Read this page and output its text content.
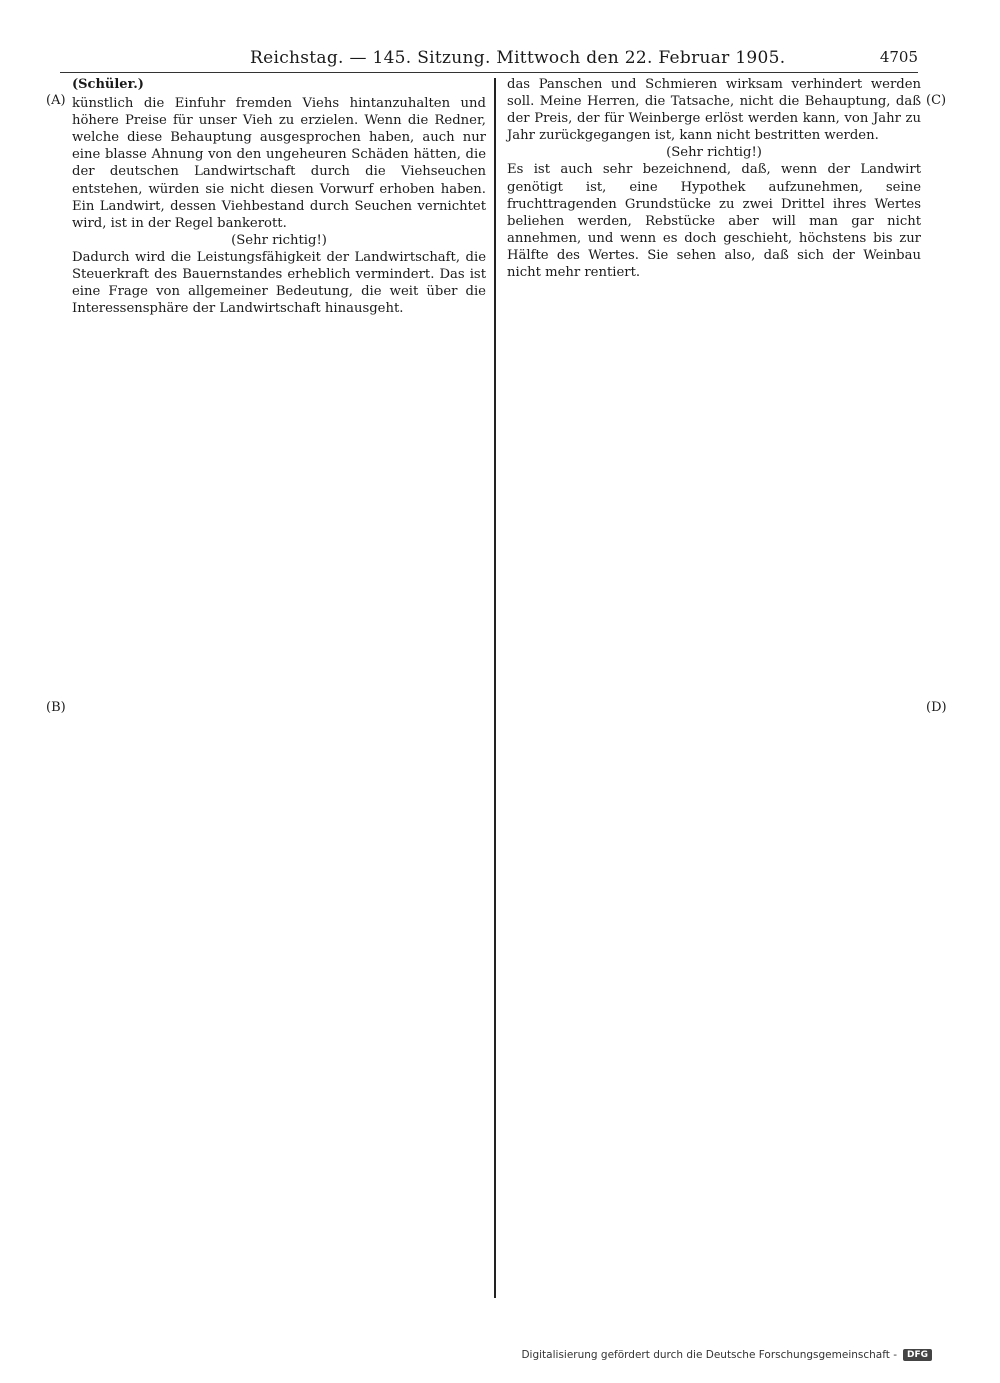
Reichstag. — 145. Sitzung. Mittwoch den 22. Februar 1905.	4705
(A)
(B)
(C)
(D)

(Schüler.)

künstlich die Einfuhr fremden Viehs hintanzuhalten und höhere Preise für unser Vieh zu erzielen. Wenn die Redner, welche diese Behauptung ausgesprochen haben, auch nur eine blasse Ahnung von den ungeheuren Schäden hätten, die der deutschen Landwirtschaft durch die Viehseuchen entstehen, würden sie nicht diesen Vorwurf erhoben haben. Ein Landwirt, dessen Viehbestand durch Seuchen vernichtet wird, ist in der Regel bankerott.

(Sehr richtig!)

Dadurch wird die Leistungsfähigkeit der Landwirtschaft, die Steuerkraft des Bauernstandes erheblich vermindert. Das ist eine Frage von allgemeiner Bedeutung, die weit über die Interessensphäre der Landwirtschaft hinausgeht.

das Panschen und Schmieren wirksam verhindert werden soll. Meine Herren, die Tatsache, nicht die Behauptung, daß der Preis, der für Weinberge erlöst werden kann, von Jahr zu Jahr zurückgegangen ist, kann nicht bestritten werden.

(Sehr richtig!)

Es ist auch sehr bezeichnend, daß, wenn der Landwirt genötigt ist, eine Hypothek aufzunehmen, seine fruchttragenden Grundstücke zu zwei Drittel ihres Wertes beliehen werden, Rebstücke aber will man gar nicht annehmen, und wenn es doch geschieht, höchstens bis zur Hälfte des Wertes. Sie sehen also, daß sich der Weinbau nicht mehr rentiert.

Digitalisierung gefördert durch die Deutsche Forschungsgemeinschaft -	DFG
